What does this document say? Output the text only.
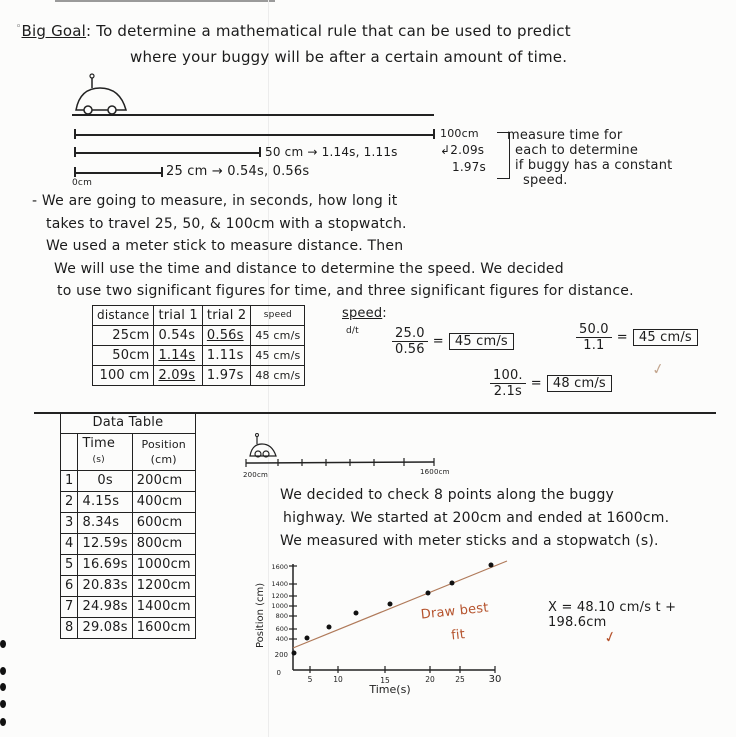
◦Big Goal: To determine a mathematical rule that can be used to predict
where your buggy will be after a certain amount of time.
0cm
100cm
↲2.09s
1.97s
50 cm → 1.14s, 1.11s
25 cm → 0.54s, 0.56s
measure time for
each to determine
if buggy has a constant
speed.
- We are going to measure, in seconds, how long it
takes to travel 25, 50, & 100cm with a stopwatch.
We used a meter stick to measure distance. Then
We will use the time and distance to determine the speed. We decided
to use two significant figures for time, and three significant figures for distance.
distance	trial 1	trial 2	speed
25cm	0.54s	0.56s	45 cm/s
50cm	1.14s	1.11s	45 cm/s
100 cm	2.09s	1.97s	48 cm/s
speed:
d/t	$\frac{25.0}{0.56} = 45$ cm/s	$\frac{50.0}{1.1} = 45$ cm/s
$\frac{100.}{2.1s} = 48$ cm/s
✓
Data Table		
	Time
(s)	Position
(cm)
1	0s	200cm
2	4.15s	400cm
3	8.34s	600cm
4	12.59s	800cm
5	16.69s	1000cm
6	20.83s	1200cm
7	24.98s	1400cm
8	29.08s	1600cm
200cm	1600cm
We decided to check 8 points along the buggy
highway. We started at 200cm and ended at 1600cm.
We measured with meter sticks and a stopwatch (s).
1600
1400
1200
1000
800
600
400
200
0
5	10	15	20	25 30
Time(s)
Position (cm)	Draw best
fit
X = 48.10 cm/s t + 198.6cm
✓
